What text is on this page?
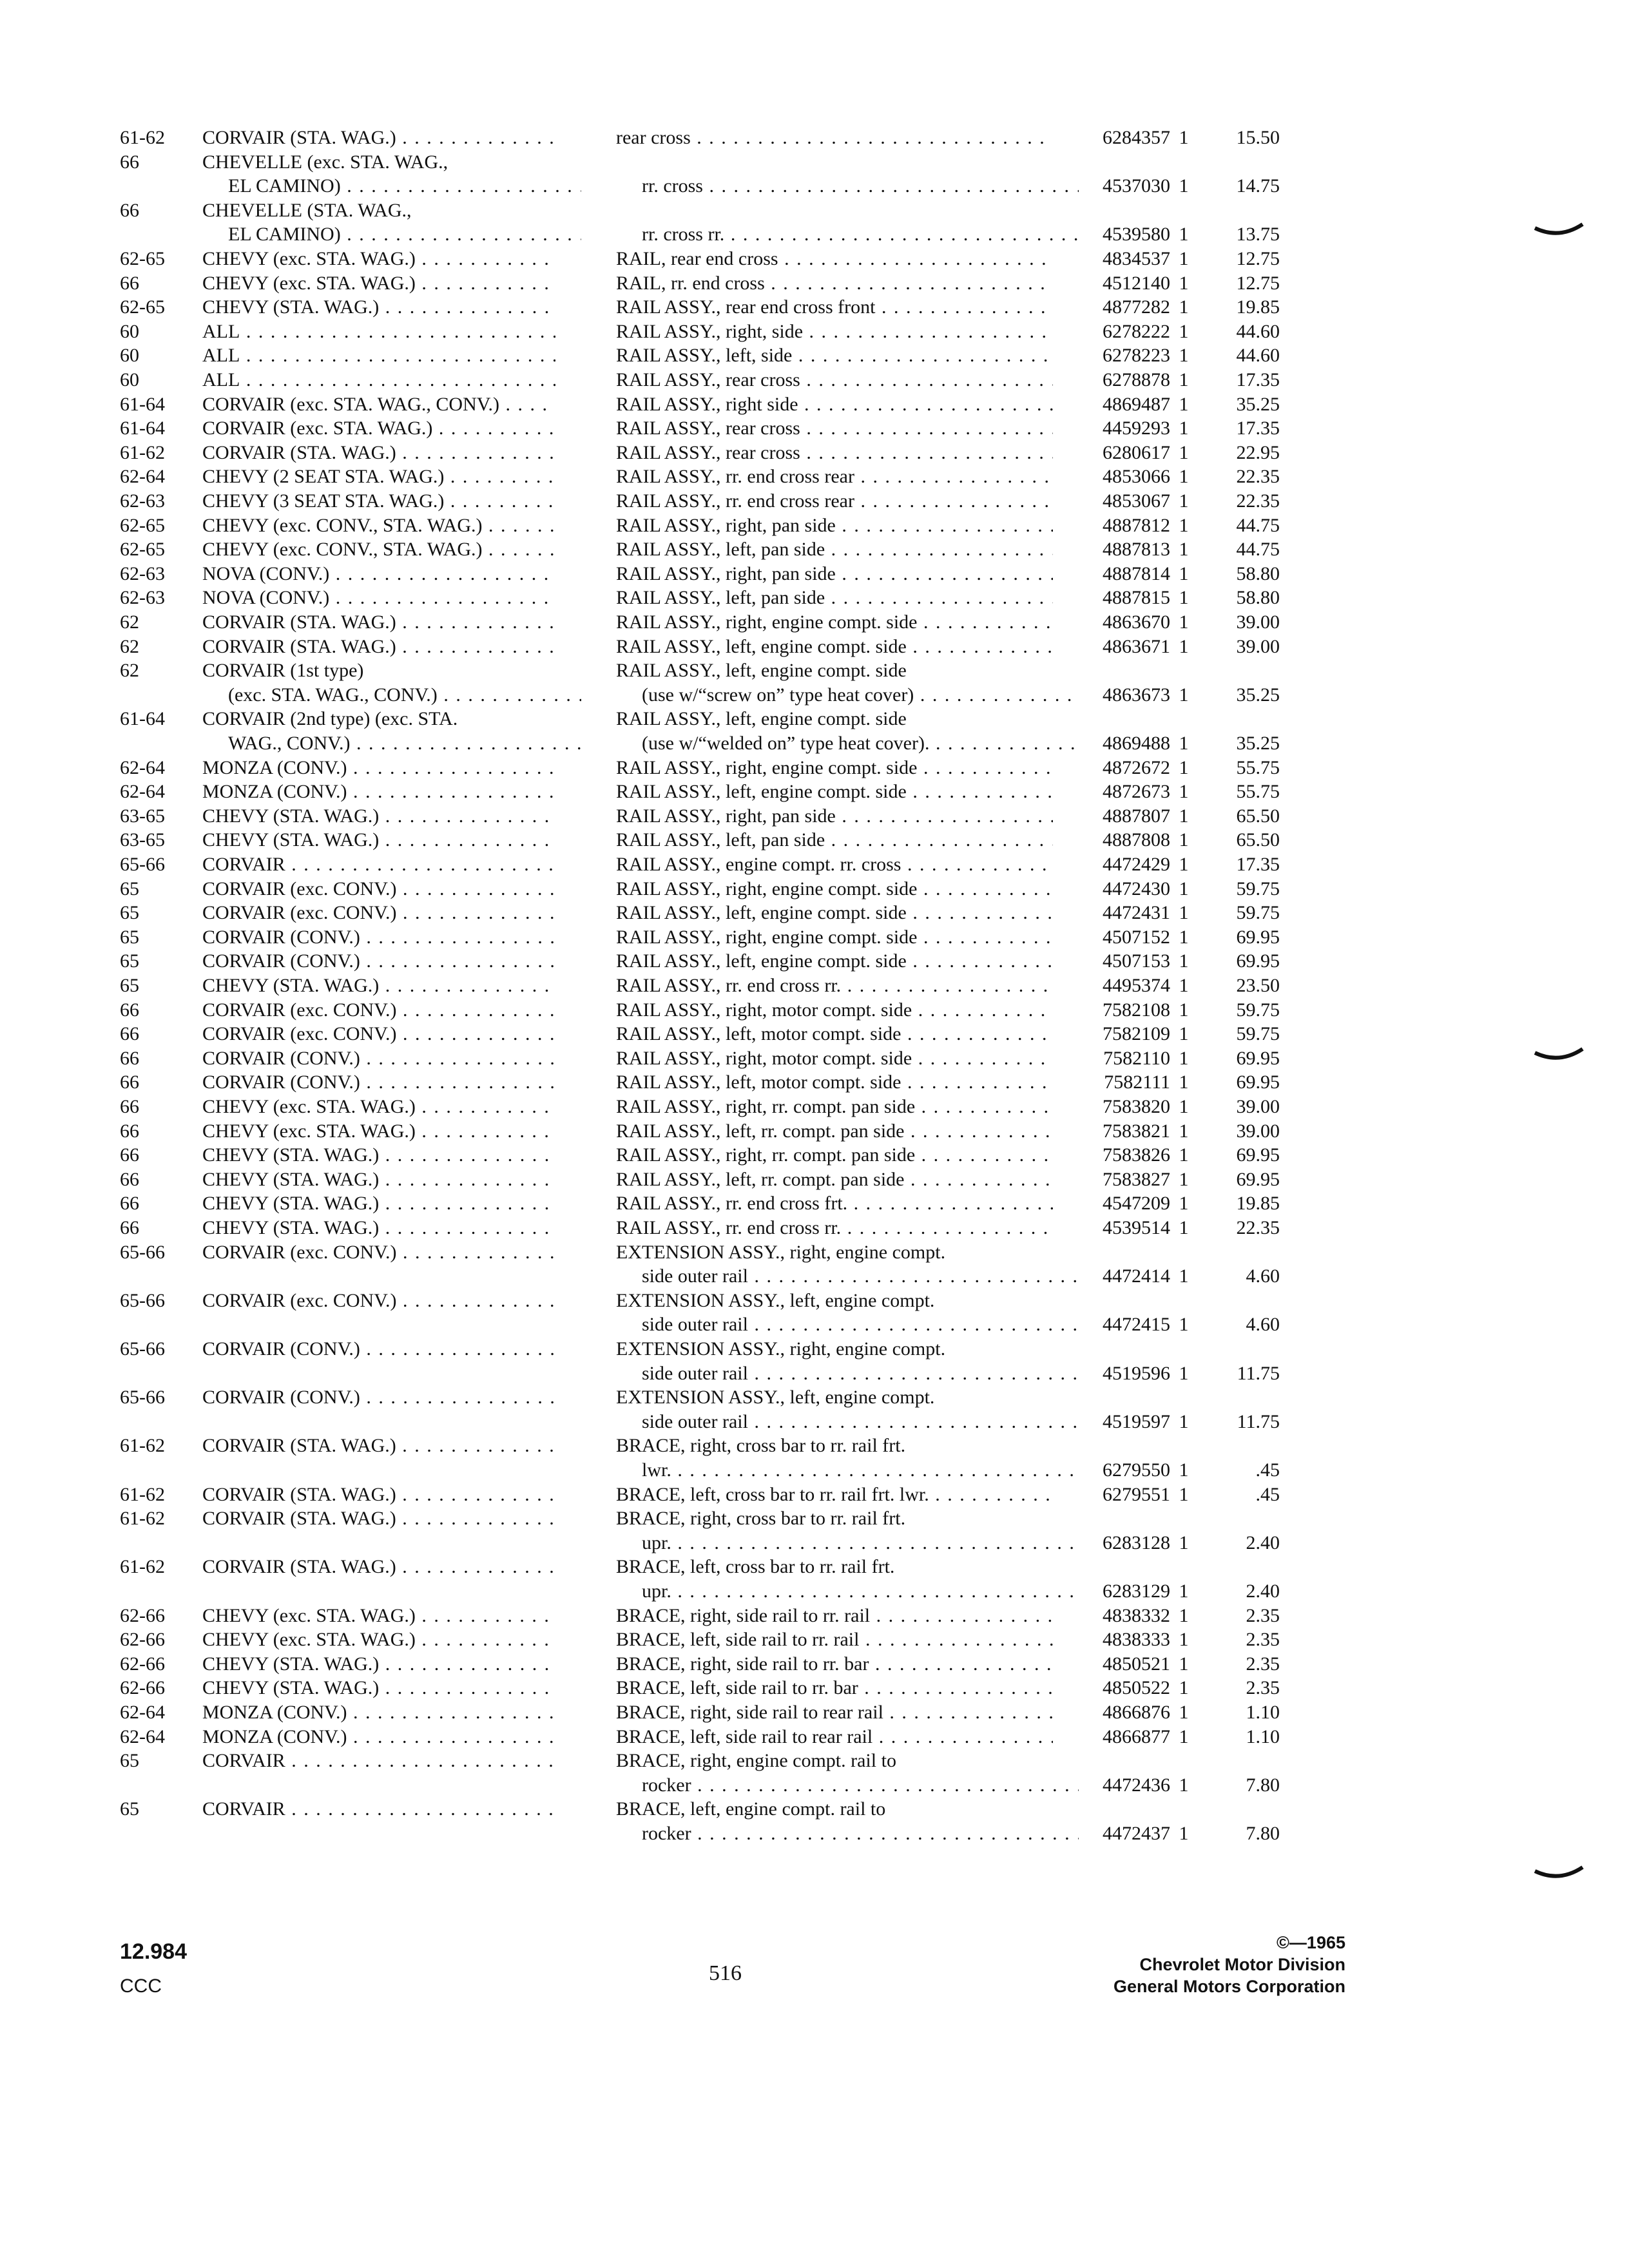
61-62	CORVAIR (STA. WAG.) . . .	rear cross . . .	6284357 1	15.50
66	CHEVELLE (exc. STA. WAG.,
EL CAMINO) . . .	rr. cross . . .	4537030 1	14.75
66	CHEVELLE (STA. WAG.,
EL CAMINO) . . .	rr. cross rr. . . .	4539580 1	13.75
62-65	CHEVY (exc. STA. WAG.) . . .	RAIL, rear end cross . . .	4834537 1	12.75
66	CHEVY (exc. STA. WAG.) . . .	RAIL, rr. end cross . . .	4512140 1	12.75
62-65	CHEVY (STA. WAG.) . . .	RAIL ASSY., rear end cross front . . .	4877282 1	19.85
60	ALL . . .	RAIL ASSY., right, side . . .	6278222 1	44.60
60	ALL . . .	RAIL ASSY., left, side . . .	6278223 1	44.60
60	ALL . . .	RAIL ASSY., rear cross . . .	6278878 1	17.35
61-64	CORVAIR (exc. STA. WAG., CONV.) . . .	RAIL ASSY., right side . . .	4869487 1	35.25
61-64	CORVAIR (exc. STA. WAG.) . . .	RAIL ASSY., rear cross . . .	4459293 1	17.35
61-62	CORVAIR (STA. WAG.) . . .	RAIL ASSY., rear cross . . .	6280617 1	22.95
62-64	CHEVY (2 SEAT STA. WAG.) . . .	RAIL ASSY., rr. end cross rear . . .	4853066 1	22.35
62-63	CHEVY (3 SEAT STA. WAG.) . . .	RAIL ASSY., rr. end cross rear . . .	4853067 1	22.35
62-65	CHEVY (exc. CONV., STA. WAG.) . . .	RAIL ASSY., right, pan side . . .	4887812 1	44.75
62-65	CHEVY (exc. CONV., STA. WAG.) . . .	RAIL ASSY., left, pan side . . .	4887813 1	44.75
62-63	NOVA (CONV.) . . .	RAIL ASSY., right, pan side . . .	4887814 1	58.80
62-63	NOVA (CONV.) . . .	RAIL ASSY., left, pan side . . .	4887815 1	58.80
62	CORVAIR (STA. WAG.) . . .	RAIL ASSY., right, engine compt. side . . .	4863670 1	39.00
62	CORVAIR (STA. WAG.) . . .	RAIL ASSY., left, engine compt. side . . .	4863671 1	39.00
62	CORVAIR (1st type)	RAIL ASSY., left, engine compt. side
(exc. STA. WAG., CONV.) . . .	(use w/“screw on” type heat cover) . . .	4863673 1	35.25
61-64	CORVAIR (2nd type) (exc. STA.	RAIL ASSY., left, engine compt. side
WAG., CONV.) . . .	(use w/“welded on” type heat cover). . . .	4869488 1	35.25
62-64	MONZA (CONV.) . . .	RAIL ASSY., right, engine compt. side . . .	4872672 1	55.75
62-64	MONZA (CONV.) . . .	RAIL ASSY., left, engine compt. side . . .	4872673 1	55.75
63-65	CHEVY (STA. WAG.) . . .	RAIL ASSY., right, pan side . . .	4887807 1	65.50
63-65	CHEVY (STA. WAG.) . . .	RAIL ASSY., left, pan side . . .	4887808 1	65.50
65-66	CORVAIR . . .	RAIL ASSY., engine compt. rr. cross . . .	4472429 1	17.35
65	CORVAIR (exc. CONV.) . . .	RAIL ASSY., right, engine compt. side . . .	4472430 1	59.75
65	CORVAIR (exc. CONV.) . . .	RAIL ASSY., left, engine compt. side . . .	4472431 1	59.75
65	CORVAIR (CONV.) . . .	RAIL ASSY., right, engine compt. side . . .	4507152 1	69.95
65	CORVAIR (CONV.) . . .	RAIL ASSY., left, engine compt. side . . .	4507153 1	69.95
65	CHEVY (STA. WAG.) . . .	RAIL ASSY., rr. end cross rr. . . .	4495374 1	23.50
66	CORVAIR (exc. CONV.) . . .	RAIL ASSY., right, motor compt. side . . .	7582108 1	59.75
66	CORVAIR (exc. CONV.) . . .	RAIL ASSY., left, motor compt. side . . .	7582109 1	59.75
66	CORVAIR (CONV.) . . .	RAIL ASSY., right, motor compt. side . . .	7582110 1	69.95
66	CORVAIR (CONV.) . . .	RAIL ASSY., left, motor compt. side . . .	7582111 1	69.95
66	CHEVY (exc. STA. WAG.) . . .	RAIL ASSY., right, rr. compt. pan side . . .	7583820 1	39.00
66	CHEVY (exc. STA. WAG.) . . .	RAIL ASSY., left, rr. compt. pan side . . .	7583821 1	39.00
66	CHEVY (STA. WAG.) . . .	RAIL ASSY., right, rr. compt. pan side . . .	7583826 1	69.95
66	CHEVY (STA. WAG.) . . .	RAIL ASSY., left, rr. compt. pan side . . .	7583827 1	69.95
66	CHEVY (STA. WAG.) . . .	RAIL ASSY., rr. end cross frt. . . .	4547209 1	19.85
66	CHEVY (STA. WAG.) . . .	RAIL ASSY., rr. end cross rr. . . .	4539514 1	22.35
65-66	CORVAIR (exc. CONV.) . . .	EXTENSION ASSY., right, engine compt.
side outer rail . . .	4472414 1	4.60
65-66	CORVAIR (exc. CONV.) . . .	EXTENSION ASSY., left, engine compt.
side outer rail . . .	4472415 1	4.60
65-66	CORVAIR (CONV.) . . .	EXTENSION ASSY., right, engine compt.
side outer rail . . .	4519596 1	11.75
65-66	CORVAIR (CONV.) . . .	EXTENSION ASSY., left, engine compt.
side outer rail . . .	4519597 1	11.75
61-62	CORVAIR (STA. WAG.) . . .	BRACE, right, cross bar to rr. rail frt.
lwr. . . .	6279550 1	.45
61-62	CORVAIR (STA. WAG.) . . .	BRACE, left, cross bar to rr. rail frt. lwr. . . .	6279551 1	.45
61-62	CORVAIR (STA. WAG.) . . .	BRACE, right, cross bar to rr. rail frt.
upr. . . .	6283128 1	2.40
61-62	CORVAIR (STA. WAG.) . . .	BRACE, left, cross bar to rr. rail frt.
upr. . . .	6283129 1	2.40
62-66	CHEVY (exc. STA. WAG.) . . .	BRACE, right, side rail to rr. rail . . .	4838332 1	2.35
62-66	CHEVY (exc. STA. WAG.) . . .	BRACE, left, side rail to rr. rail . . .	4838333 1	2.35
62-66	CHEVY (STA. WAG.) . . .	BRACE, right, side rail to rr. bar . . .	4850521 1	2.35
62-66	CHEVY (STA. WAG.) . . .	BRACE, left, side rail to rr. bar . . .	4850522 1	2.35
62-64	MONZA (CONV.) . . .	BRACE, right, side rail to rear rail . . .	4866876 1	1.10
62-64	MONZA (CONV.) . . .	BRACE, left, side rail to rear rail . . .	4866877 1	1.10
65	CORVAIR . . .	BRACE, right, engine compt. rail to
rocker . . .	4472436 1	7.80
65	CORVAIR . . .	BRACE, left, engine compt. rail to
rocker . . .	4472437 1	7.80
12.984
CCC
516
©—1965
Chevrolet Motor Division
General Motors Corporation
